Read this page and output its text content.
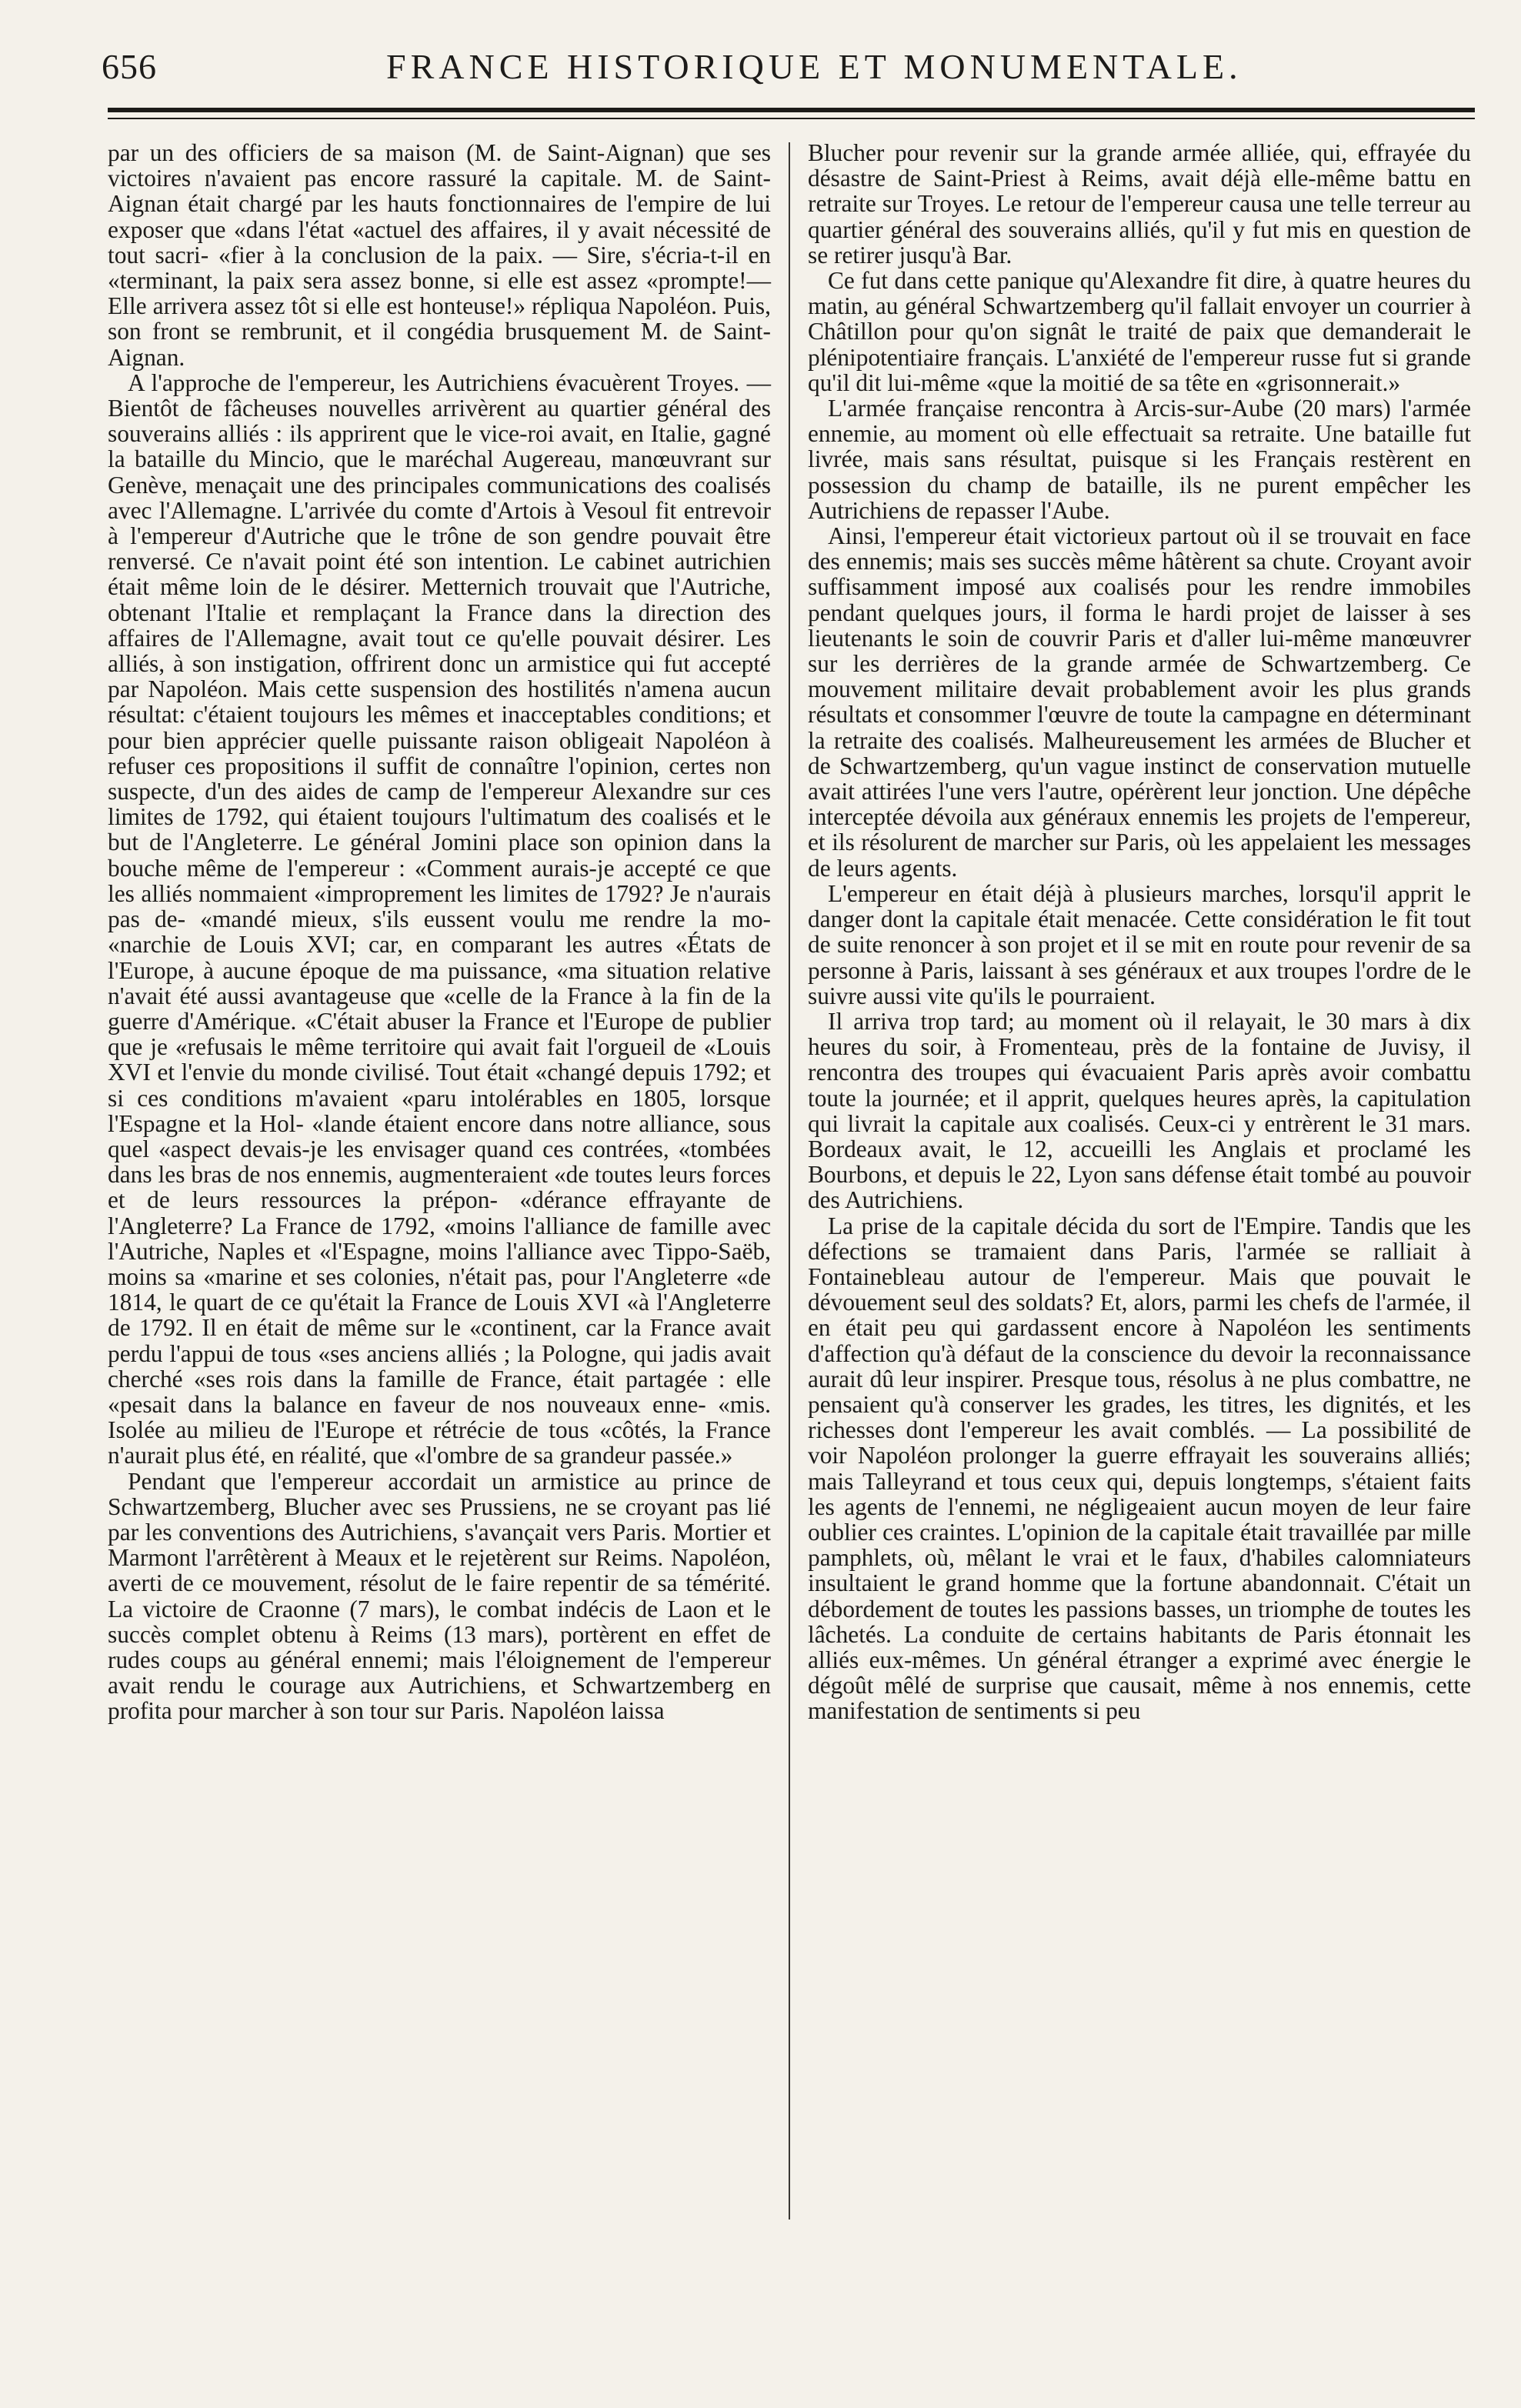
656	FRANCE HISTORIQUE ET MONUMENTALE.

par un des officiers de sa maison (M. de Saint-Aignan) que ses victoires n'avaient pas encore rassuré la capitale. M. de Saint-Aignan était chargé par les hauts fonctionnaires de l'empire de lui exposer que «dans l'état «actuel des affaires, il y avait nécessité de tout sacri- «fier à la conclusion de la paix. — Sire, s'écria-t-il en «terminant, la paix sera assez bonne, si elle est assez «prompte!—Elle arrivera assez tôt si elle est honteuse!» répliqua Napoléon. Puis, son front se rembrunit, et il congédia brusquement M. de Saint-Aignan.

A l'approche de l'empereur, les Autrichiens évacuèrent Troyes. — Bientôt de fâcheuses nouvelles arrivèrent au quartier général des souverains alliés : ils apprirent que le vice-roi avait, en Italie, gagné la bataille du Mincio, que le maréchal Augereau, manœuvrant sur Genève, menaçait une des principales communications des coalisés avec l'Allemagne. L'arrivée du comte d'Artois à Vesoul fit entrevoir à l'empereur d'Autriche que le trône de son gendre pouvait être renversé. Ce n'avait point été son intention. Le cabinet autrichien était même loin de le désirer. Metternich trouvait que l'Autriche, obtenant l'Italie et remplaçant la France dans la direction des affaires de l'Allemagne, avait tout ce qu'elle pouvait désirer. Les alliés, à son instigation, offrirent donc un armistice qui fut accepté par Napoléon. Mais cette suspension des hostilités n'amena aucun résultat: c'étaient toujours les mêmes et inacceptables conditions; et pour bien apprécier quelle puissante raison obligeait Napoléon à refuser ces propositions il suffit de connaître l'opinion, certes non suspecte, d'un des aides de camp de l'empereur Alexandre sur ces limites de 1792, qui étaient toujours l'ultimatum des coalisés et le but de l'Angleterre. Le général Jomini place son opinion dans la bouche même de l'empereur : «Comment aurais-je accepté ce que les alliés nommaient «improprement les limites de 1792? Je n'aurais pas de- «mandé mieux, s'ils eussent voulu me rendre la mo- «narchie de Louis XVI; car, en comparant les autres «États de l'Europe, à aucune époque de ma puissance, «ma situation relative n'avait été aussi avantageuse que «celle de la France à la fin de la guerre d'Amérique. «C'était abuser la France et l'Europe de publier que je «refusais le même territoire qui avait fait l'orgueil de «Louis XVI et l'envie du monde civilisé. Tout était «changé depuis 1792; et si ces conditions m'avaient «paru intolérables en 1805, lorsque l'Espagne et la Hol- «lande étaient encore dans notre alliance, sous quel «aspect devais-je les envisager quand ces contrées, «tombées dans les bras de nos ennemis, augmenteraient «de toutes leurs forces et de leurs ressources la prépon- «dérance effrayante de l'Angleterre? La France de 1792, «moins l'alliance de famille avec l'Autriche, Naples et «l'Espagne, moins l'alliance avec Tippo-Saëb, moins sa «marine et ses colonies, n'était pas, pour l'Angleterre «de 1814, le quart de ce qu'était la France de Louis XVI «à l'Angleterre de 1792. Il en était de même sur le «continent, car la France avait perdu l'appui de tous «ses anciens alliés ; la Pologne, qui jadis avait cherché «ses rois dans la famille de France, était partagée : elle «pesait dans la balance en faveur de nos nouveaux enne- «mis. Isolée au milieu de l'Europe et rétrécie de tous «côtés, la France n'aurait plus été, en réalité, que «l'ombre de sa grandeur passée.»

Pendant que l'empereur accordait un armistice au prince de Schwartzemberg, Blucher avec ses Prussiens, ne se croyant pas lié par les conventions des Autrichiens, s'avançait vers Paris. Mortier et Marmont l'arrêtèrent à Meaux et le rejetèrent sur Reims. Napoléon, averti de ce mouvement, résolut de le faire repentir de sa témérité. La victoire de Craonne (7 mars), le combat indécis de Laon et le succès complet obtenu à Reims (13 mars), portèrent en effet de rudes coups au général ennemi; mais l'éloignement de l'empereur avait rendu le courage aux Autrichiens, et Schwartzemberg en profita pour marcher à son tour sur Paris. Napoléon laissa

Blucher pour revenir sur la grande armée alliée, qui, effrayée du désastre de Saint-Priest à Reims, avait déjà elle-même battu en retraite sur Troyes. Le retour de l'empereur causa une telle terreur au quartier général des souverains alliés, qu'il y fut mis en question de se retirer jusqu'à Bar.

Ce fut dans cette panique qu'Alexandre fit dire, à quatre heures du matin, au général Schwartzemberg qu'il fallait envoyer un courrier à Châtillon pour qu'on signât le traité de paix que demanderait le plénipotentiaire français. L'anxiété de l'empereur russe fut si grande qu'il dit lui-même «que la moitié de sa tête en «grisonnerait.»

L'armée française rencontra à Arcis-sur-Aube (20 mars) l'armée ennemie, au moment où elle effectuait sa retraite. Une bataille fut livrée, mais sans résultat, puisque si les Français restèrent en possession du champ de bataille, ils ne purent empêcher les Autrichiens de repasser l'Aube.

Ainsi, l'empereur était victorieux partout où il se trouvait en face des ennemis; mais ses succès même hâtèrent sa chute. Croyant avoir suffisamment imposé aux coalisés pour les rendre immobiles pendant quelques jours, il forma le hardi projet de laisser à ses lieutenants le soin de couvrir Paris et d'aller lui-même manœuvrer sur les derrières de la grande armée de Schwartzemberg. Ce mouvement militaire devait probablement avoir les plus grands résultats et consommer l'œuvre de toute la campagne en déterminant la retraite des coalisés. Malheureusement les armées de Blucher et de Schwartzemberg, qu'un vague instinct de conservation mutuelle avait attirées l'une vers l'autre, opérèrent leur jonction. Une dépêche interceptée dévoila aux généraux ennemis les projets de l'empereur, et ils résolurent de marcher sur Paris, où les appelaient les messages de leurs agents.

L'empereur en était déjà à plusieurs marches, lorsqu'il apprit le danger dont la capitale était menacée. Cette considération le fit tout de suite renoncer à son projet et il se mit en route pour revenir de sa personne à Paris, laissant à ses généraux et aux troupes l'ordre de le suivre aussi vite qu'ils le pourraient.

Il arriva trop tard; au moment où il relayait, le 30 mars à dix heures du soir, à Fromenteau, près de la fontaine de Juvisy, il rencontra des troupes qui évacuaient Paris après avoir combattu toute la journée; et il apprit, quelques heures après, la capitulation qui livrait la capitale aux coalisés. Ceux-ci y entrèrent le 31 mars. Bordeaux avait, le 12, accueilli les Anglais et proclamé les Bourbons, et depuis le 22, Lyon sans défense était tombé au pouvoir des Autrichiens.

La prise de la capitale décida du sort de l'Empire. Tandis que les défections se tramaient dans Paris, l'armée se ralliait à Fontainebleau autour de l'empereur. Mais que pouvait le dévouement seul des soldats? Et, alors, parmi les chefs de l'armée, il en était peu qui gardassent encore à Napoléon les sentiments d'affection qu'à défaut de la conscience du devoir la reconnaissance aurait dû leur inspirer. Presque tous, résolus à ne plus combattre, ne pensaient qu'à conserver les grades, les titres, les dignités, et les richesses dont l'empereur les avait comblés. — La possibilité de voir Napoléon prolonger la guerre effrayait les souverains alliés; mais Talleyrand et tous ceux qui, depuis longtemps, s'étaient faits les agents de l'ennemi, ne négligeaient aucun moyen de leur faire oublier ces craintes. L'opinion de la capitale était travaillée par mille pamphlets, où, mêlant le vrai et le faux, d'habiles calomniateurs insultaient le grand homme que la fortune abandonnait. C'était un débordement de toutes les passions basses, un triomphe de toutes les lâchetés. La conduite de certains habitants de Paris étonnait les alliés eux-mêmes. Un général étranger a exprimé avec énergie le dégoût mêlé de surprise que causait, même à nos ennemis, cette manifestation de sentiments si peu
